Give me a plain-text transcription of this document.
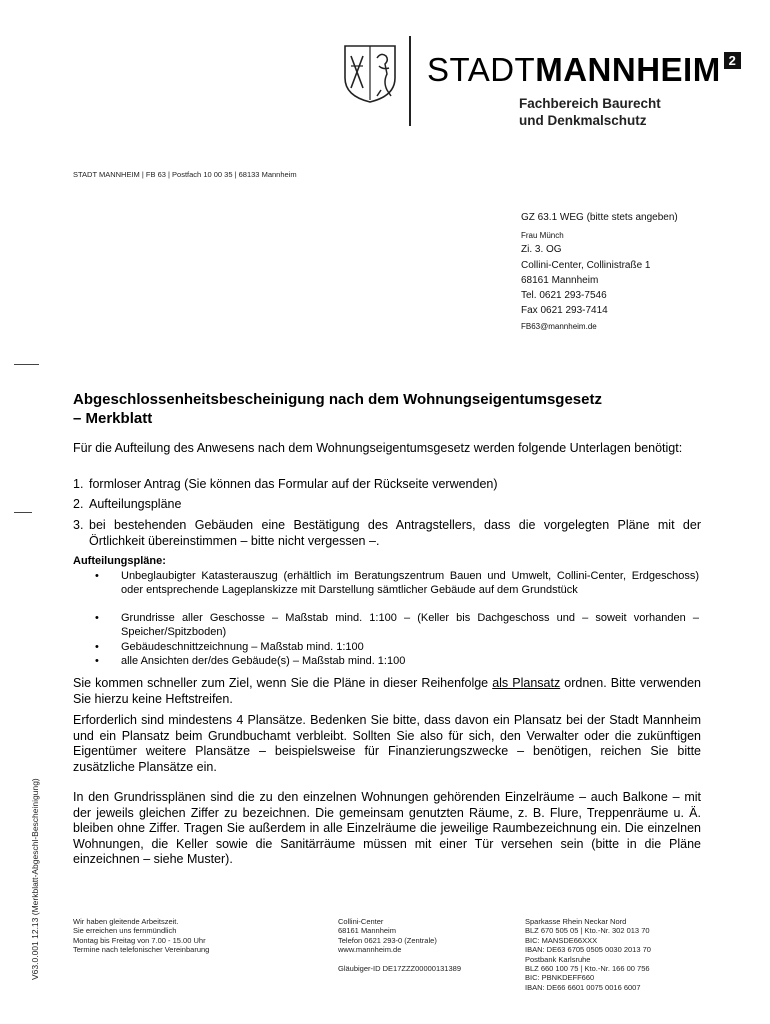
STADTMANNHEIM 2
Fachbereich Baurecht
und Denkmalschutz
STADT MANNHEIM | FB 63 | Postfach 10 00 35 | 68133 Mannheim
GZ 63.1 WEG (bitte stets angeben)
Frau Münch
Zi. 3. OG
Collini-Center, Collinistraße 1
68161 Mannheim
Tel. 0621 293-7546
Fax 0621 293-7414
FB63@mannheim.de
Abgeschlossenheitsbescheinigung nach dem Wohnungseigentumsgesetz
– Merkblatt
Für die Aufteilung des Anwesens nach dem Wohnungseigentumsgesetz werden folgende Unterlagen benötigt:
1. formloser Antrag (Sie können das Formular auf der Rückseite verwenden)
2. Aufteilungspläne
3. bei bestehenden Gebäuden eine Bestätigung des Antragstellers, dass die vorgelegten Pläne mit der Örtlichkeit übereinstimmen – bitte nicht vergessen –.
Aufteilungspläne:
•	Unbeglaubigter Katasterauszug (erhältlich im Beratungszentrum Bauen und Umwelt, Collini-Center, Erdgeschoss) oder entsprechende Lageplanskizze mit Darstellung sämtlicher Gebäude auf dem Grundstück
•	Grundrisse aller Geschosse – Maßstab mind. 1:100 – (Keller bis Dachgeschoss und – soweit vorhanden – Speicher/Spitzboden)
•	Gebäudeschnittzeichnung – Maßstab mind. 1:100
•	alle Ansichten der/des Gebäude(s) – Maßstab mind. 1:100
Sie kommen schneller zum Ziel, wenn Sie die Pläne in dieser Reihenfolge als Plansatz ordnen. Bitte verwenden Sie hierzu keine Heftstreifen.
Erforderlich sind mindestens 4 Plansätze. Bedenken Sie bitte, dass davon ein Plansatz bei der Stadt Mannheim und ein Plansatz beim Grundbuchamt verbleibt. Sollten Sie also für sich, den Verwalter oder die zukünftigen Eigentümer weitere Plansätze – beispielsweise für Finanzierungszwecke – benötigen, reichen Sie bitte zusätzliche Plansätze ein.
In den Grundrissplänen sind die zu den einzelnen Wohnungen gehörenden Einzelräume – auch Balkone – mit der jeweils gleichen Ziffer zu bezeichnen. Die gemeinsam genutzten Räume, z. B. Flure, Treppenräume u. Ä. bleiben ohne Ziffer. Tragen Sie außerdem in alle Einzelräume die jeweilige Raumbezeichnung ein. Die einzelnen Wohnungen, die Keller sowie die Sanitärräume müssen mit einer Tür versehen sein (bitte in die Pläne einzeichnen – siehe Muster).
V63.0.001 12.13 (Merkblatt-Abgeschl-Bescheinigung)	Wir haben gleitende Arbeitszeit.
Sie erreichen uns fernmündlich
Montag bis Freitag von 7.00 - 15.00 Uhr
Termine nach telefonischer Vereinbarung
Collini-Center
68161 Mannheim
Telefon 0621 293-0 (Zentrale)
www.mannheim.de
Gläubiger-ID DE17ZZZ00000131389
Sparkasse Rhein Neckar Nord
BLZ 670 505 05 | Kto.-Nr. 302 013 70
BIC: MANSDE66XXX
IBAN: DE63 6705 0505 0030 2013 70
Postbank Karlsruhe
BLZ 660 100 75 | Kto.-Nr. 166 00 756
BIC: PBNKDEFF660
IBAN: DE66 6601 0075 0016 6007
